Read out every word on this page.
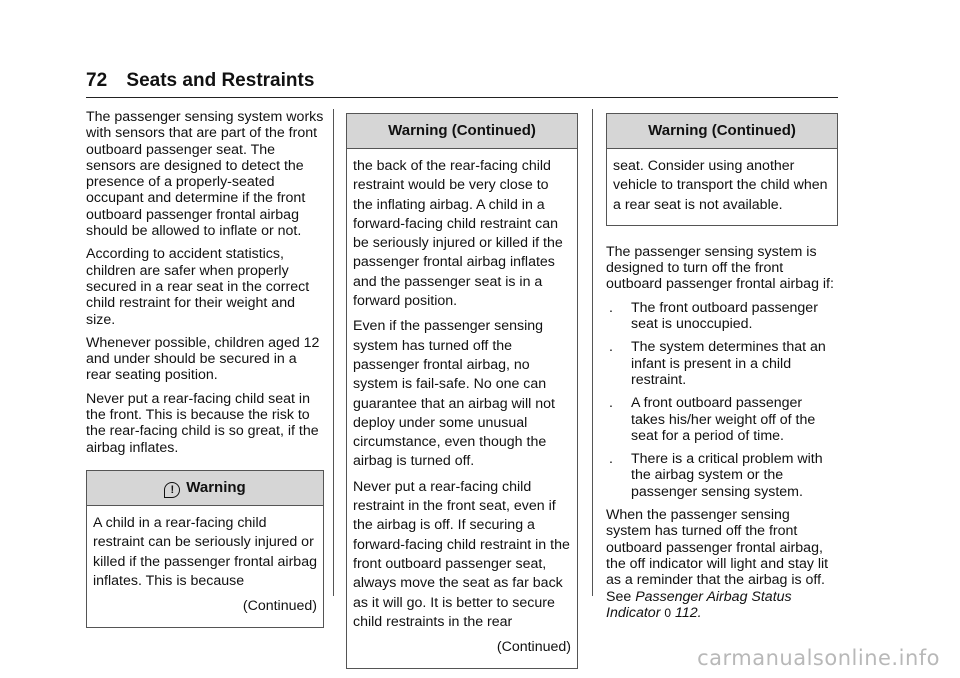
72 Seats and Restraints

The passenger sensing system works with sensors that are part of the front outboard passenger seat. The sensors are designed to detect the presence of a properly-seated occupant and determine if the front outboard passenger frontal airbag should be allowed to inflate or not.

According to accident statistics, children are safer when properly secured in a rear seat in the correct child restraint for their weight and size.

Whenever possible, children aged 12 and under should be secured in a rear seating position.

Never put a rear-facing child seat in the front. This is because the risk to the rear-facing child is so great, if the airbag inflates.

! Warning

A child in a rear-facing child restraint can be seriously injured or killed if the passenger frontal airbag inflates. This is because

(Continued)

Warning (Continued)

the back of the rear-facing child restraint would be very close to the inflating airbag. A child in a forward-facing child restraint can be seriously injured or killed if the passenger frontal airbag inflates and the passenger seat is in a forward position.

Even if the passenger sensing system has turned off the passenger frontal airbag, no system is fail-safe. No one can guarantee that an airbag will not deploy under some unusual circumstance, even though the airbag is turned off.

Never put a rear-facing child restraint in the front seat, even if the airbag is off. If securing a forward-facing child restraint in the front outboard passenger seat, always move the seat as far back as it will go. It is better to secure child restraints in the rear

(Continued)

Warning (Continued)

seat. Consider using another vehicle to transport the child when a rear seat is not available.

The passenger sensing system is designed to turn off the front outboard passenger frontal airbag if:

.	The front outboard passenger seat is unoccupied.
.	The system determines that an infant is present in a child restraint.
.	A front outboard passenger takes his/her weight off of the seat for a period of time.
.	There is a critical problem with the airbag system or the passenger sensing system.

When the passenger sensing system has turned off the front outboard passenger frontal airbag, the off indicator will light and stay lit as a reminder that the airbag is off. See Passenger Airbag Status Indicator 0 112.

carmanualsonline.info
